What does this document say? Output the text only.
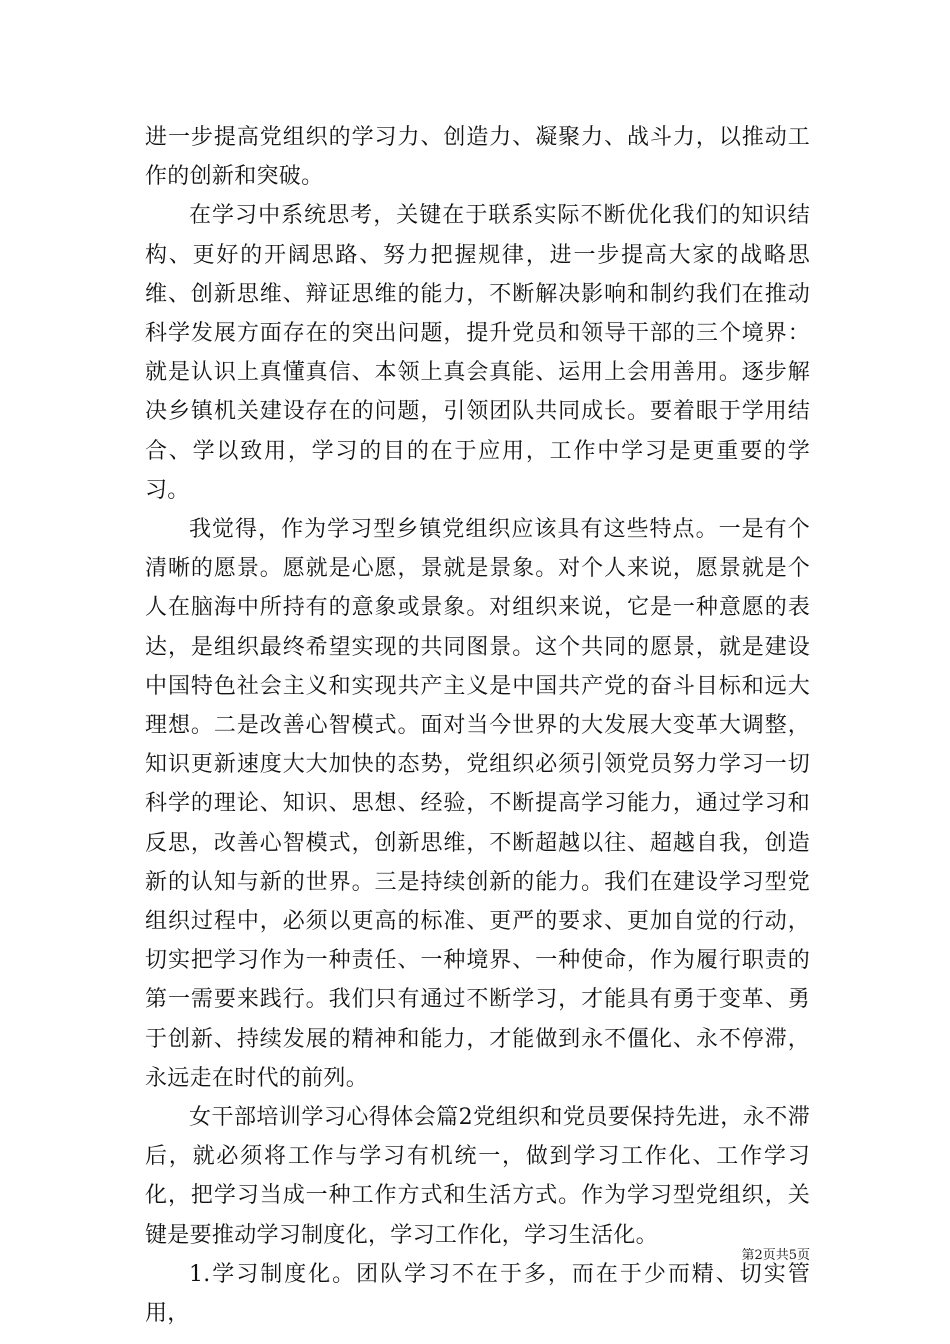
进一步提高党组织的学习力、创造力、凝聚力、战斗力，以推动工作的创新和突破。

在学习中系统思考，关键在于联系实际不断优化我们的知识结构、更好的开阔思路、努力把握规律，进一步提高大家的战略思维、创新思维、辩证思维的能力，不断解决影响和制约我们在推动科学发展方面存在的突出问题，提升党员和领导干部的三个境界：就是认识上真懂真信、本领上真会真能、运用上会用善用。逐步解决乡镇机关建设存在的问题，引领团队共同成长。要着眼于学用结合、学以致用，学习的目的在于应用，工作中学习是更重要的学习。

我觉得，作为学习型乡镇党组织应该具有这些特点。一是有个清晰的愿景。愿就是心愿，景就是景象。对个人来说，愿景就是个人在脑海中所持有的意象或景象。对组织来说，它是一种意愿的表达，是组织最终希望实现的共同图景。这个共同的愿景，就是建设中国特色社会主义和实现共产主义是中国共产党的奋斗目标和远大理想。二是改善心智模式。面对当今世界的大发展大变革大调整，知识更新速度大大加快的态势，党组织必须引领党员努力学习一切科学的理论、知识、思想、经验，不断提高学习能力，通过学习和反思，改善心智模式，创新思维，不断超越以往、超越自我，创造新的认知与新的世界。三是持续创新的能力。我们在建设学习型党组织过程中，必须以更高的标准、更严的要求、更加自觉的行动，切实把学习作为一种责任、一种境界、一种使命，作为履行职责的第一需要来践行。我们只有通过不断学习，才能具有勇于变革、勇于创新、持续发展的精神和能力，才能做到永不僵化、永不停滞，永远走在时代的前列。

女干部培训学习心得体会篇2党组织和党员要保持先进，永不滞后，就必须将工作与学习有机统一，做到学习工作化、工作学习化，把学习当成一种工作方式和生活方式。作为学习型党组织，关键是要推动学习制度化，学习工作化，学习生活化。

1.学习制度化。团队学习不在于多，而在于少而精、切实管用，

第2页共5页
